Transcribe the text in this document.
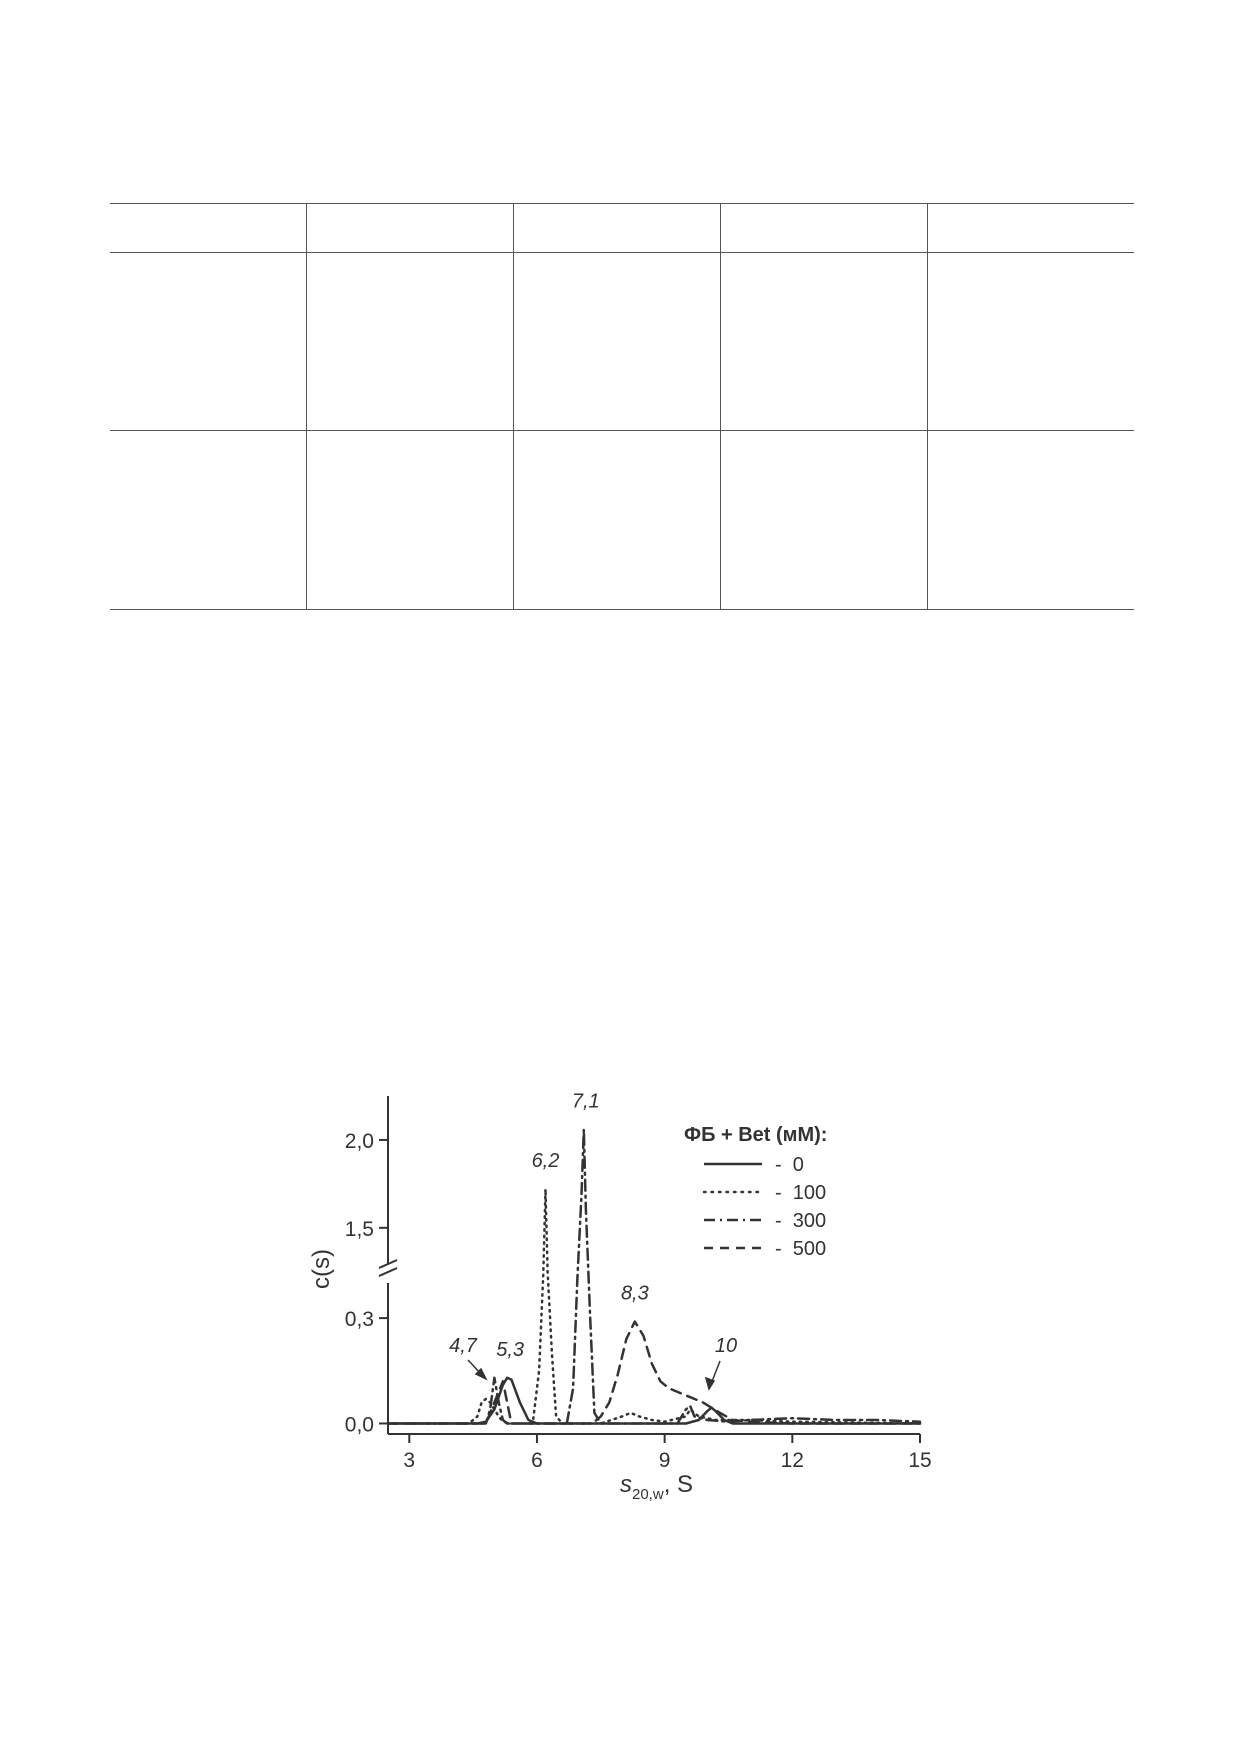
3	6	9	12	15
0,0
0,3
1,5
2,0
4,7 5,3
6,2
7,1
8,3
10
c(s)
$s_{20,w}$, S
ФБ + Bet (мМ):
-  0
-  100
-  300
-  500
